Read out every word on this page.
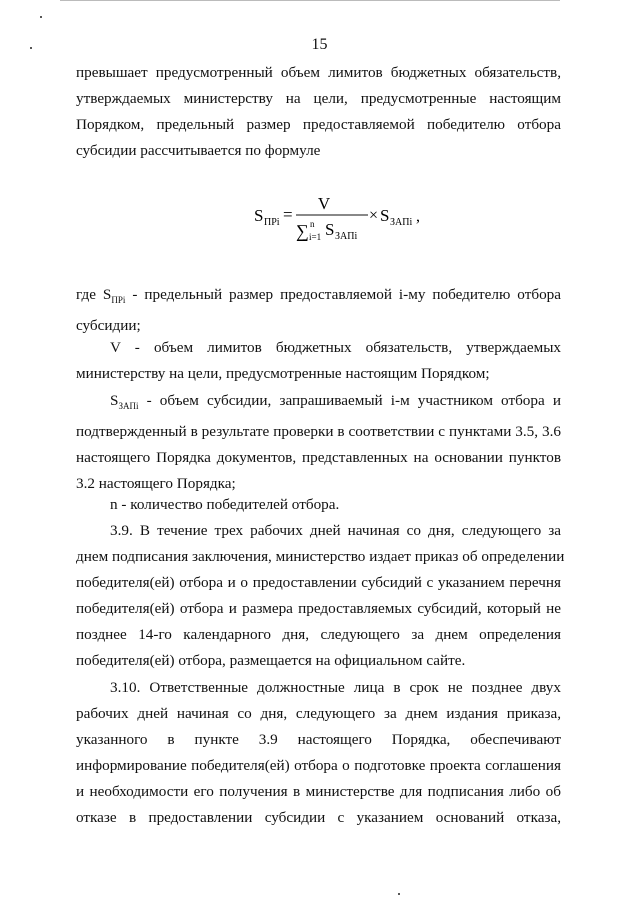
15
превышает предусмотренный объем лимитов бюджетных обязательств,
утверждаемых министерству на цели, предусмотренные настоящим
Порядком, предельный размер предоставляемой победителю отбора
субсидии рассчитывается по формуле
S ПРi =
V
∑ n
i=1 S ЗАПi
× S ЗАПi ,
где $S_{ПРi}$ - предельный размер предоставляемой i-му победителю отбора
субсидии;
V - объем лимитов бюджетных обязательств, утверждаемых
министерству на цели, предусмотренные настоящим Порядком;
$S_{ЗАПi}$ - объем субсидии, запрашиваемый i-м участником отбора и
подтвержденный в результате проверки в соответствии с пунктами 3.5, 3.6
настоящего Порядка документов, представленных на основании пунктов
3.2 настоящего Порядка;
n - количество победителей отбора.
3.9. В течение трех рабочих дней начиная со дня, следующего за
днем подписания заключения, министерство издает приказ об определении
победителя(ей) отбора и о предоставлении субсидий с указанием перечня
победителя(ей) отбора и размера предоставляемых субсидий, который не
позднее 14-го календарного дня, следующего за днем определения
победителя(ей) отбора, размещается на официальном сайте.
3.10. Ответственные должностные лица в срок не позднее двух
рабочих дней начиная со дня, следующего за днем издания приказа,
указанного в пункте 3.9 настоящего Порядка, обеспечивают
информирование победителя(ей) отбора о подготовке проекта соглашения
и необходимости его получения в министерстве для подписания либо об
отказе в предоставлении субсидии с указанием оснований отказа,
